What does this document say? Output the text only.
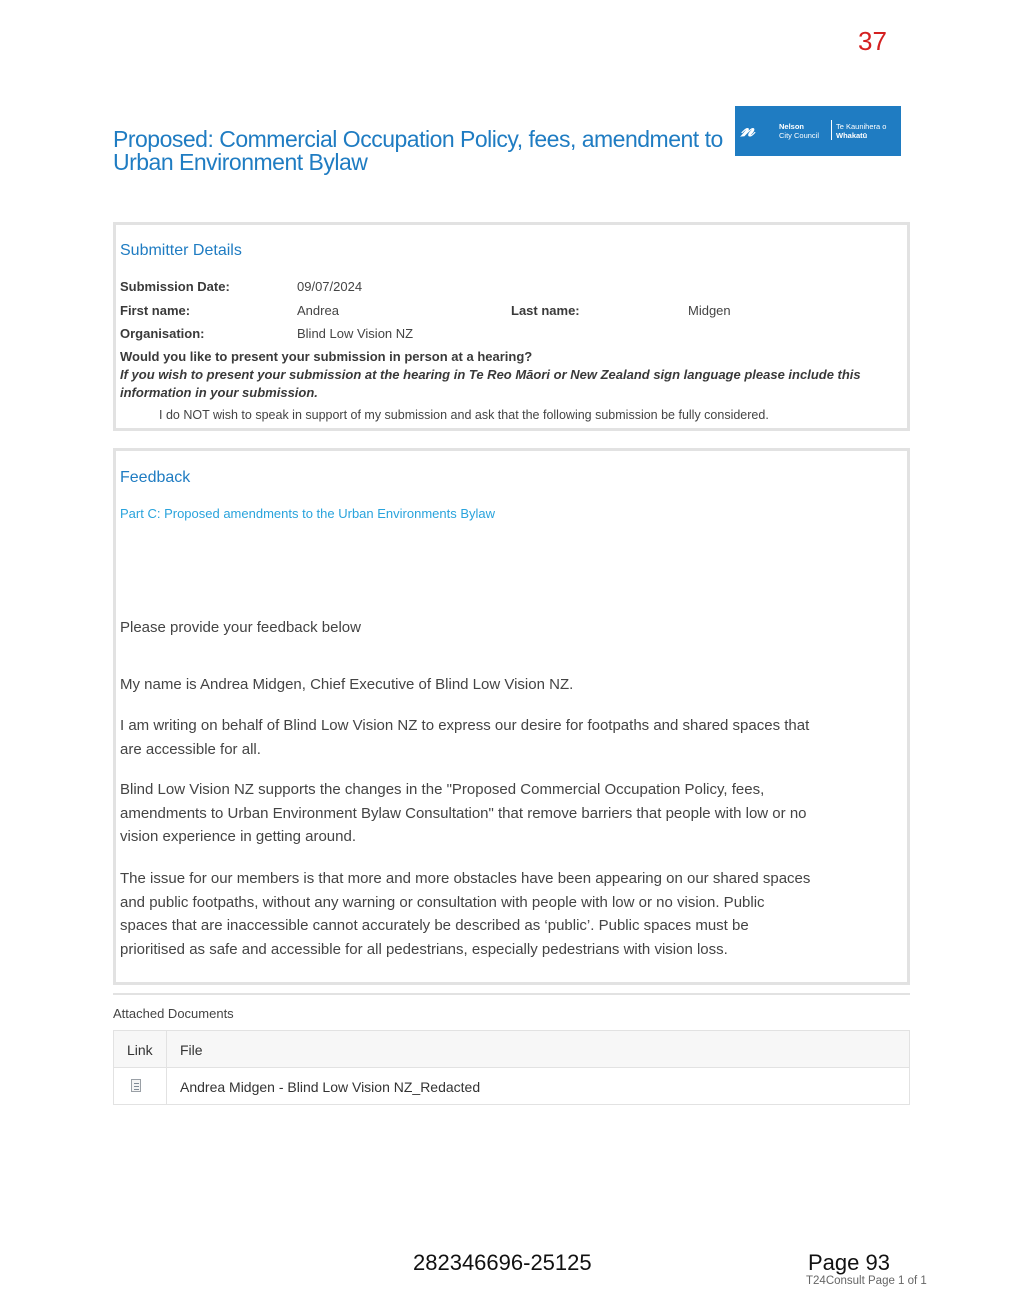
37
Proposed: Commercial Occupation Policy, fees, amendment to Urban Environment Bylaw
𝓃	Nelson
City Council
Te Kaunihera o
Whakatū
Submitter Details
Submission Date:	09/07/2024
First name:	Andrea	Last name:	Midgen
Organisation:	Blind Low Vision NZ
Would you like to present your submission in person at a hearing?
If you wish to present your submission at the hearing in Te Reo Māori or New Zealand sign language please include this information in your submission.
I do NOT wish to speak in support of my submission and ask that the following submission be fully considered.
Feedback
Part C: Proposed amendments to the Urban Environments Bylaw
Please provide your feedback below
My name is Andrea Midgen, Chief Executive of Blind Low Vision NZ.
I am writing on behalf of Blind Low Vision NZ to express our desire for footpaths and shared spaces that are accessible for all.
Blind Low Vision NZ supports the changes in the "Proposed Commercial Occupation Policy, fees, amendments to Urban Environment Bylaw Consultation" that remove barriers that people with low or no vision experience in getting around.
The issue for our members is that more and more obstacles have been appearing on our shared spaces and public footpaths, without any warning or consultation with people with low or no vision. Public spaces that are inaccessible cannot accurately be described as ‘public’. Public spaces must be prioritised as safe and accessible for all pedestrians, especially pedestrians with vision loss.
Attached Documents
Link File
Andrea Midgen - Blind Low Vision NZ_Redacted
282346696-25125	Page 93
T24Consult Page 1 of 1
